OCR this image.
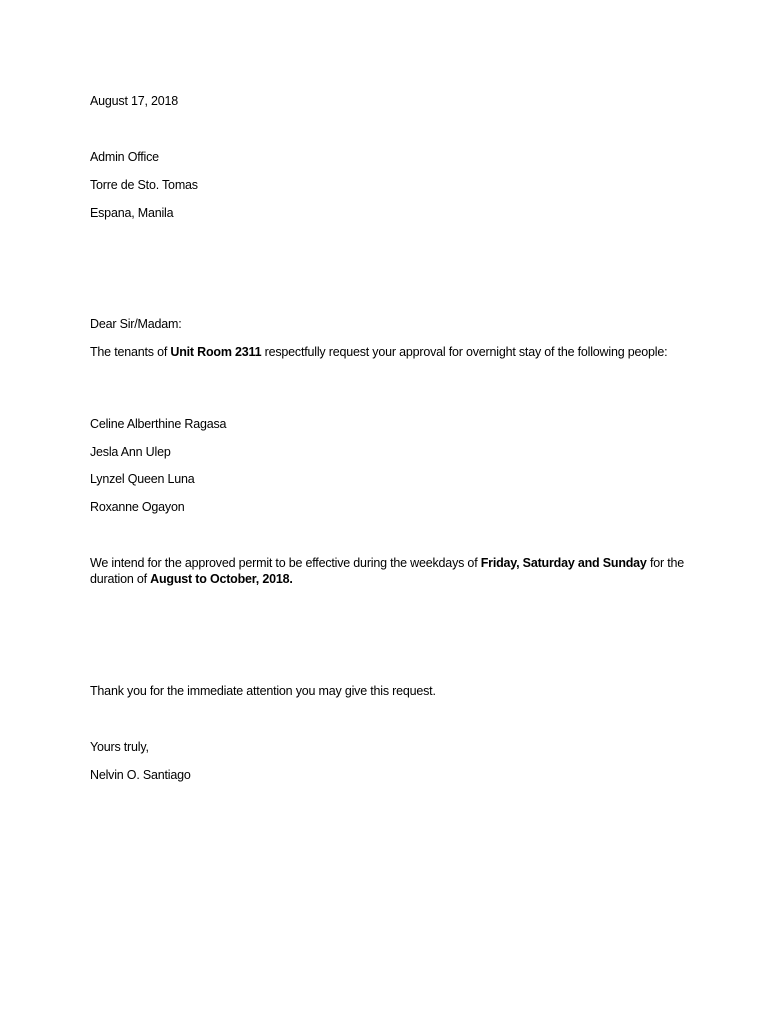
August 17, 2018
Admin Office
Torre de Sto. Tomas
Espana, Manila
Dear Sir/Madam:
The tenants of Unit Room 2311 respectfully request your approval for overnight stay of the following people:
Celine Alberthine Ragasa
Jesla Ann Ulep
Lynzel Queen Luna
Roxanne Ogayon
We intend for the approved permit to be effective during the weekdays of Friday, Saturday and Sunday for the duration of August to October, 2018.
Thank you for the immediate attention you may give this request.
Yours truly,
Nelvin O. Santiago
